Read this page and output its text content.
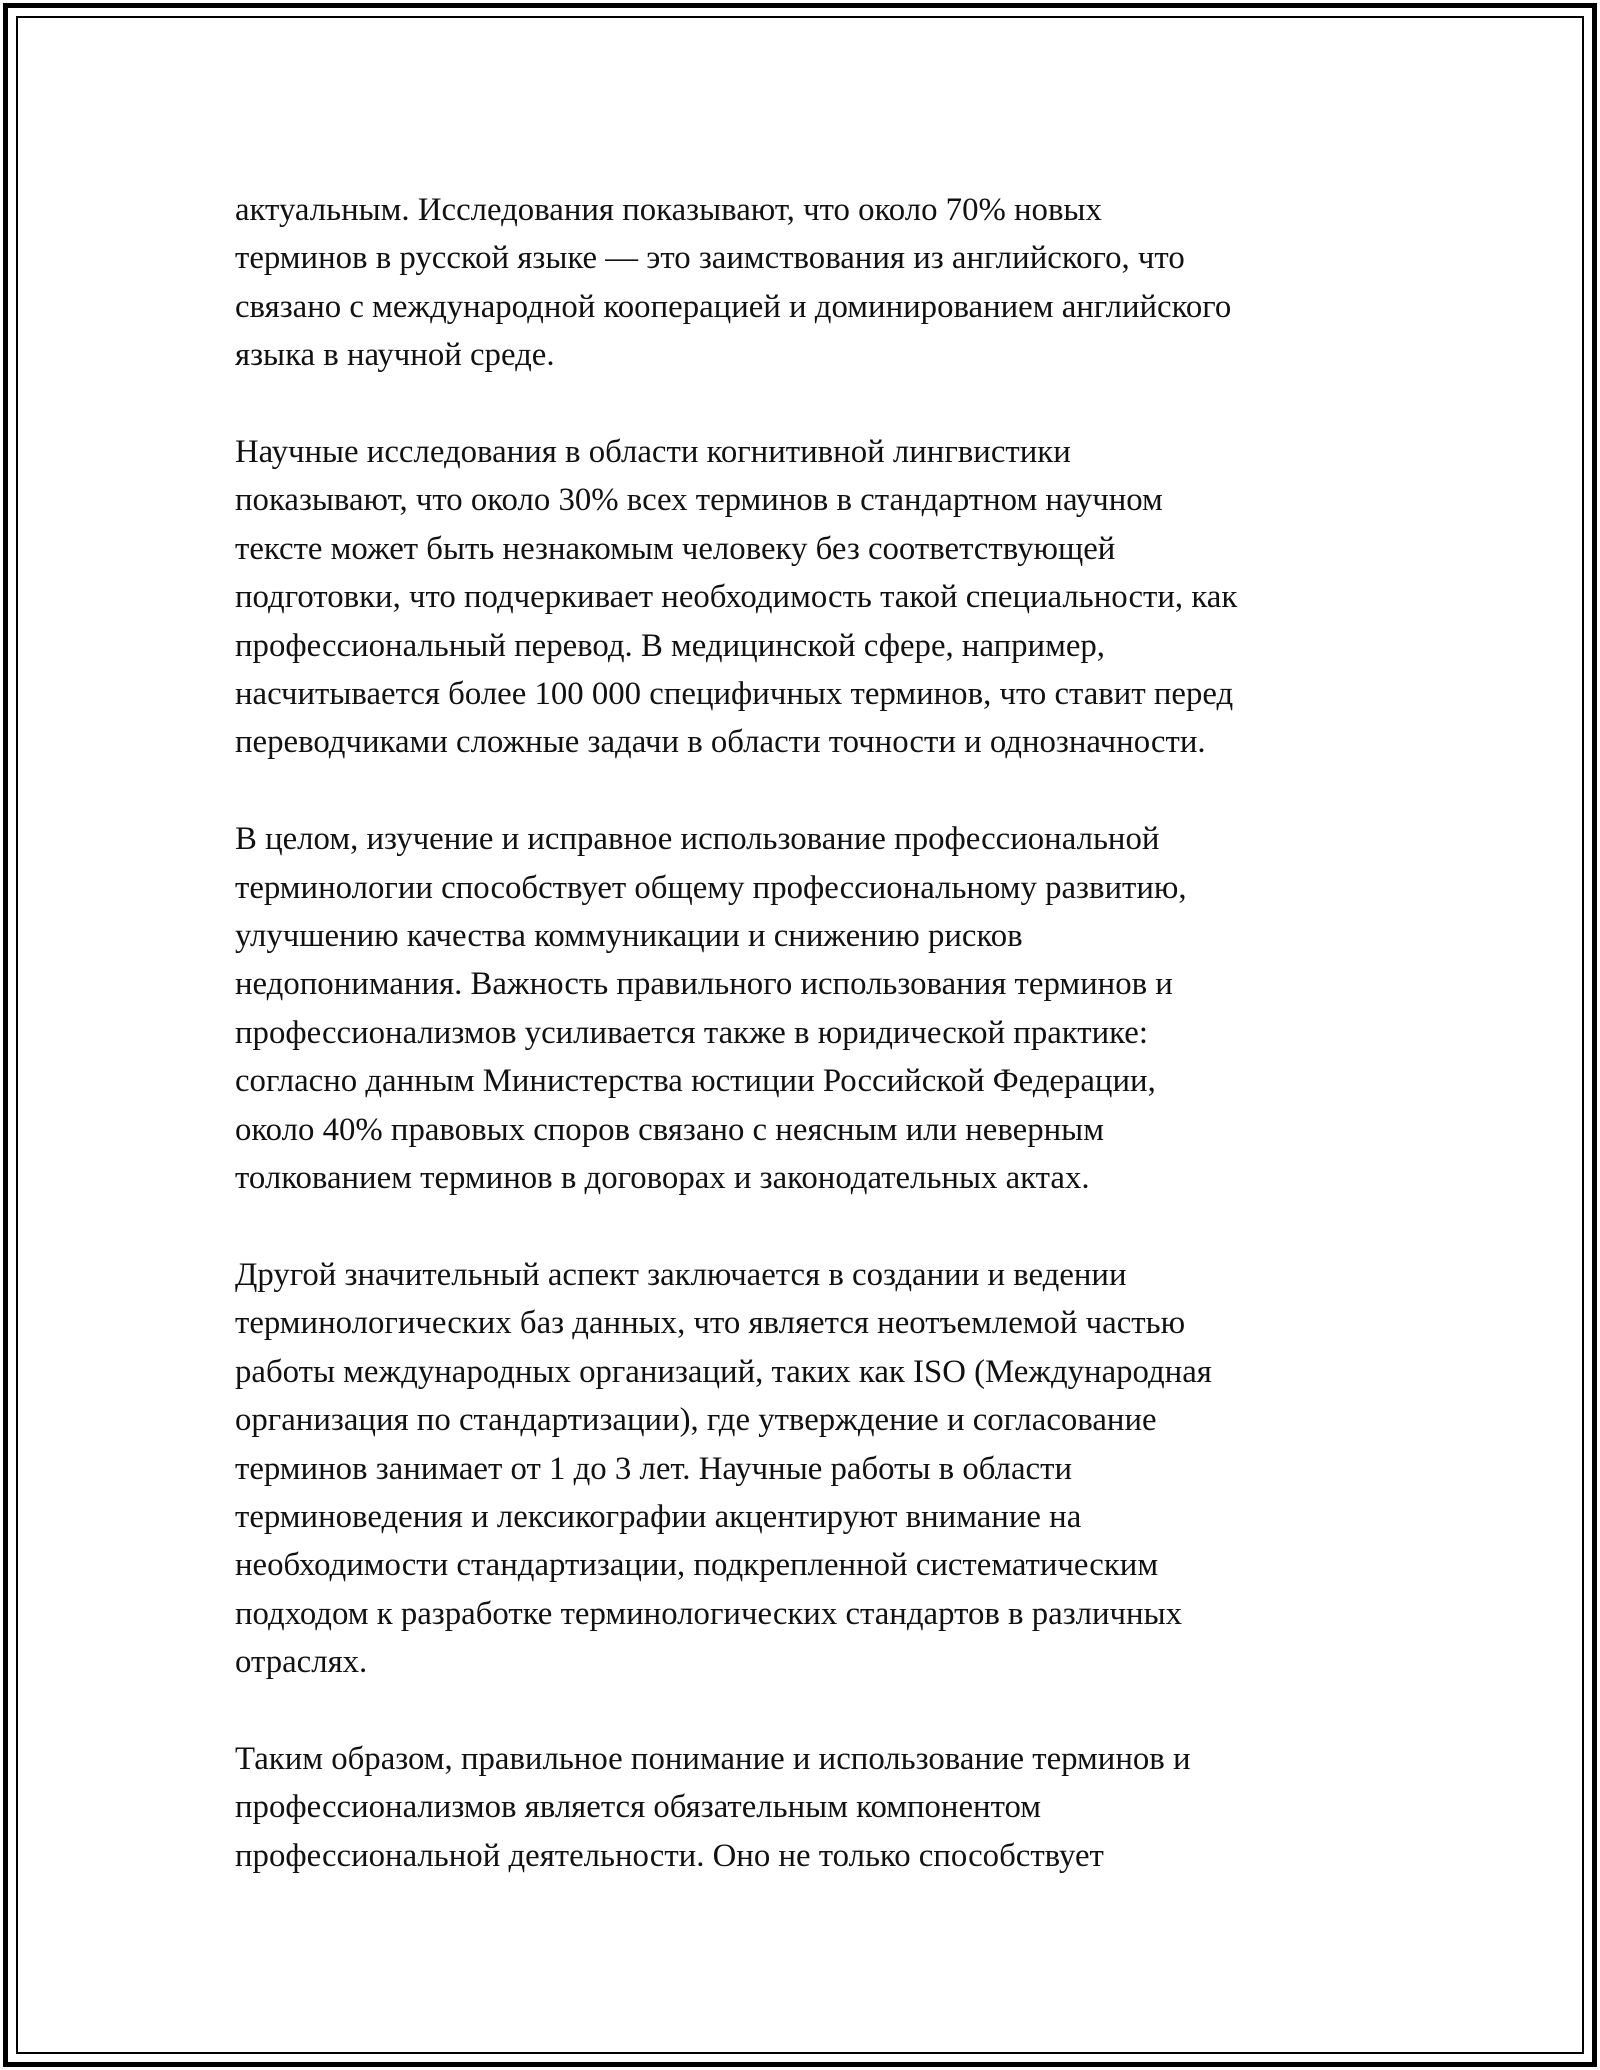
актуальным. Исследования показывают, что около 70% новых
терминов в русской языке — это заимствования из английского, что
связано с международной кооперацией и доминированием английского
языка в научной среде.

Научные исследования в области когнитивной лингвистики
показывают, что около 30% всех терминов в стандартном научном
тексте может быть незнакомым человеку без соответствующей
подготовки, что подчеркивает необходимость такой специальности, как
профессиональный перевод. В медицинской сфере, например,
насчитывается более 100 000 специфичных терминов, что ставит перед
переводчиками сложные задачи в области точности и однозначности.

В целом, изучение и исправное использование профессиональной
терминологии способствует общему профессиональному развитию,
улучшению качества коммуникации и снижению рисков
недопонимания. Важность правильного использования терминов и
профессионализмов усиливается также в юридической практике:
согласно данным Министерства юстиции Российской Федерации,
около 40% правовых споров связано с неясным или неверным
толкованием терминов в договорах и законодательных актах.

Другой значительный аспект заключается в создании и ведении
терминологических баз данных, что является неотъемлемой частью
работы международных организаций, таких как ISO (Международная
организация по стандартизации), где утверждение и согласование
терминов занимает от 1 до 3 лет. Научные работы в области
терминоведения и лексикографии акцентируют внимание на
необходимости стандартизации, подкрепленной систематическим
подходом к разработке терминологических стандартов в различных
отраслях.

Таким образом, правильное понимание и использование терминов и
профессионализмов является обязательным компонентом
профессиональной деятельности. Оно не только способствует
